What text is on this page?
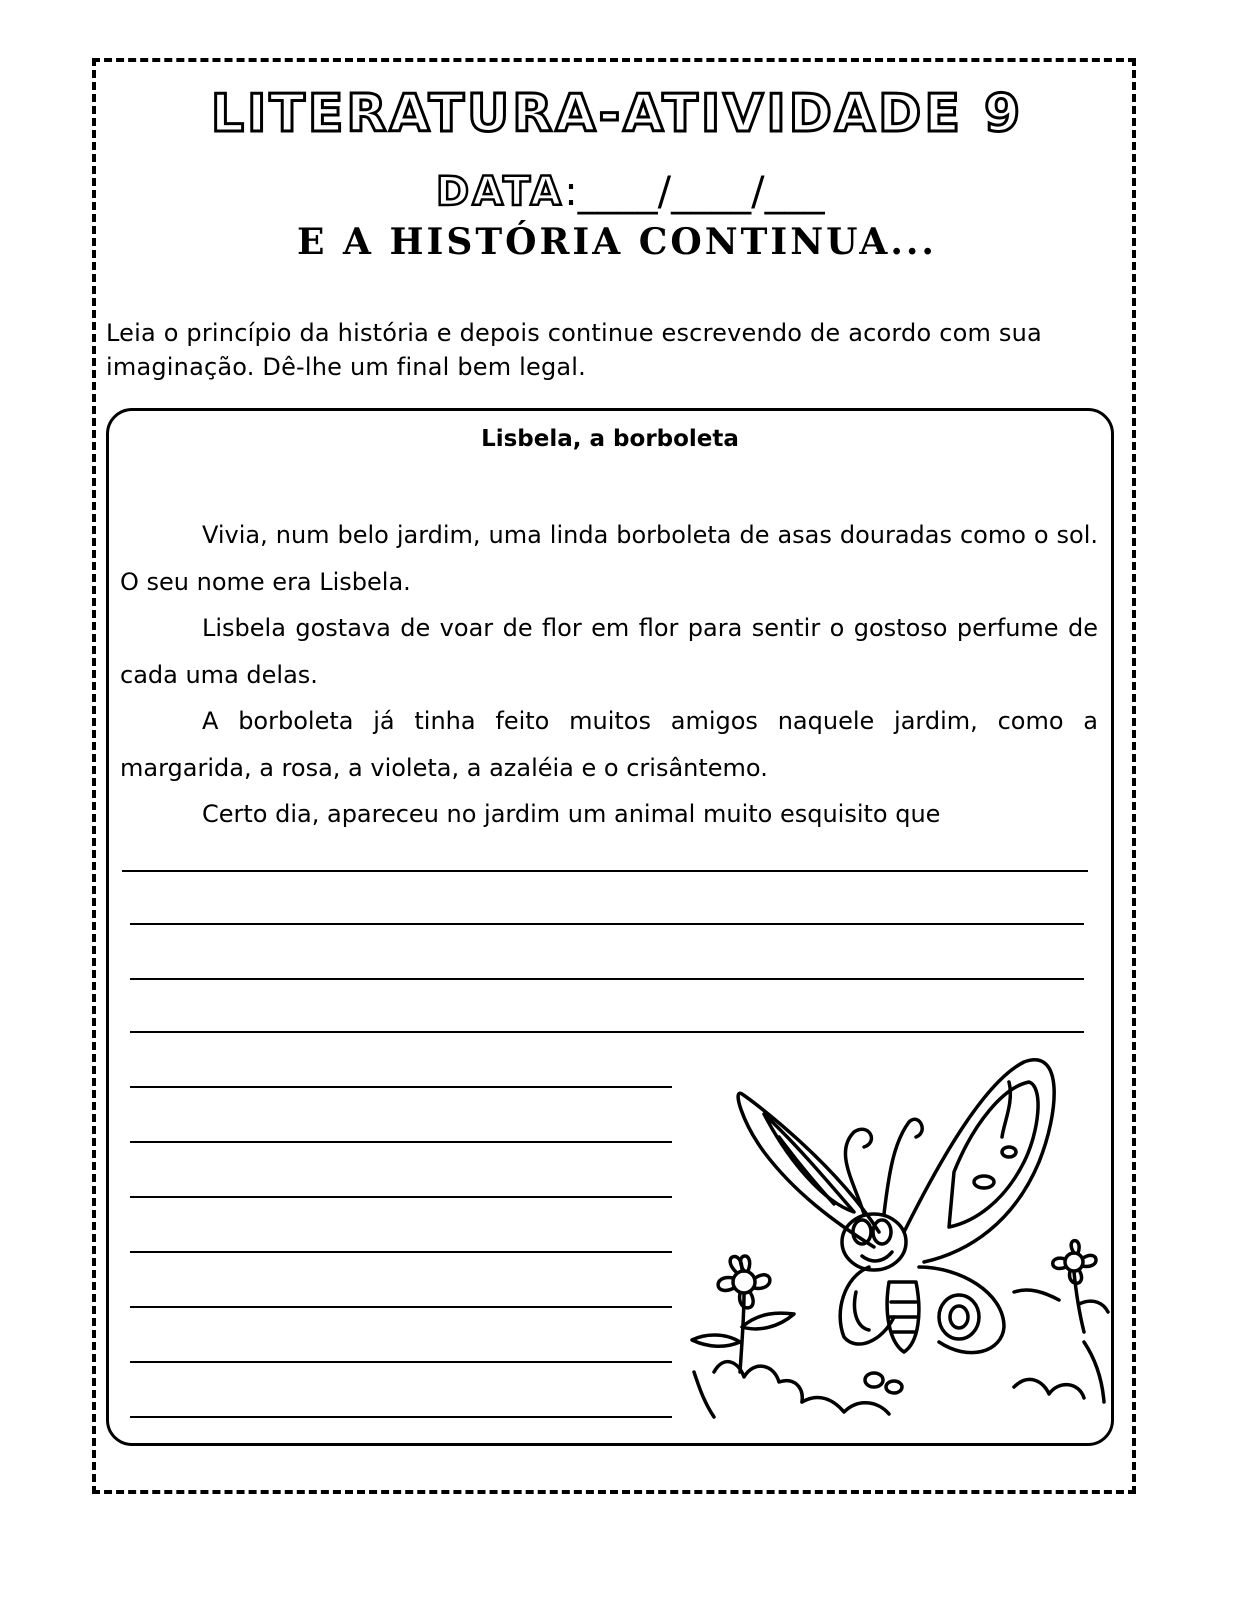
LITERATURA-ATIVIDADE 9
DATA :____/____/___
E A HISTÓRIA CONTINUA...
Leia o princípio da história e depois continue escrevendo de acordo com sua imaginação. Dê-lhe um final bem legal.
Lisbela, a borboleta

Vivia, num belo jardim, uma linda borboleta de asas douradas como o sol. O seu nome era Lisbela.

Lisbela gostava de voar de flor em flor para sentir o gostoso perfume de cada uma delas.

A borboleta já tinha feito muitos amigos naquele jardim, como a margarida, a rosa, a violeta, a azaléia e o crisântemo.

Certo dia, apareceu no jardim um animal muito esquisito que
